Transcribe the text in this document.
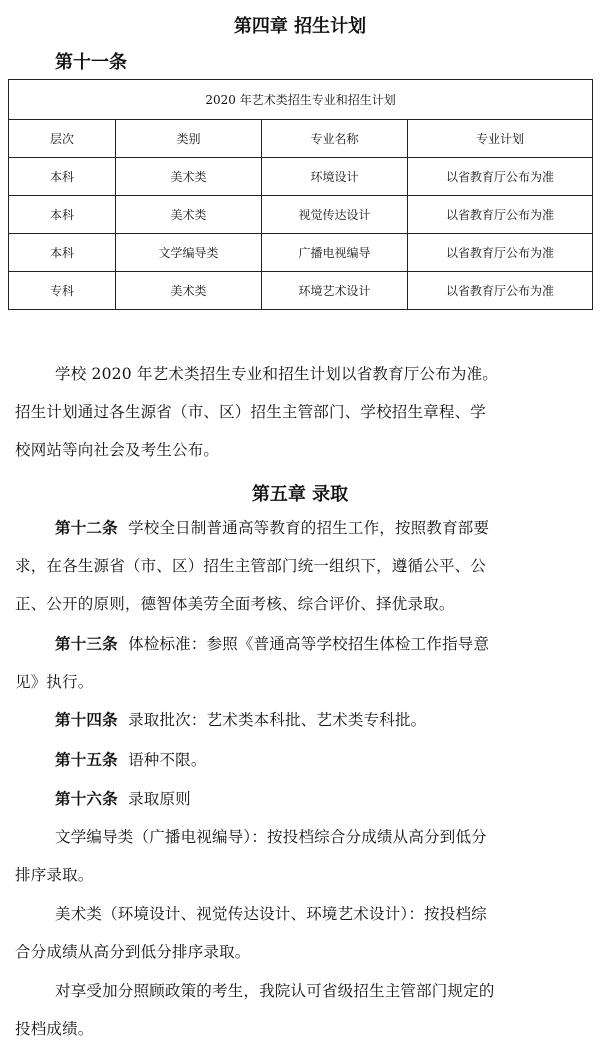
第四章 招生计划
第十一条
2020 年艺术类招生专业和招生计划			
层次	类别	专业名称	专业计划
本科	美术类	环境设计	以省教育厅公布为准
本科	美术类	视觉传达设计	以省教育厅公布为准
本科	文学编导类	广播电视编导	以省教育厅公布为准
专科	美术类	环境艺术设计	以省教育厅公布为准
学校 2020 年艺术类招生专业和招生计划以省教育厅公布为准。
招生计划通过各生源省（市、区）招生主管部门、学校招生章程、学
校网站等向社会及考生公布。
第五章 录取
第十二条 学校全日制普通高等教育的招生工作，按照教育部要
求，在各生源省（市、区）招生主管部门统一组织下，遵循公平、公
正、公开的原则，德智体美劳全面考核、综合评价、择优录取。
第十三条 体检标准：参照《普通高等学校招生体检工作指导意
见》执行。
第十四条 录取批次：艺术类本科批、艺术类专科批。
第十五条 语种不限。
第十六条 录取原则
文学编导类（广播电视编导）：按投档综合分成绩从高分到低分
排序录取。
美术类（环境设计、视觉传达设计、环境艺术设计）：按投档综
合分成绩从高分到低分排序录取。
对享受加分照顾政策的考生，我院认可省级招生主管部门规定的
投档成绩。
